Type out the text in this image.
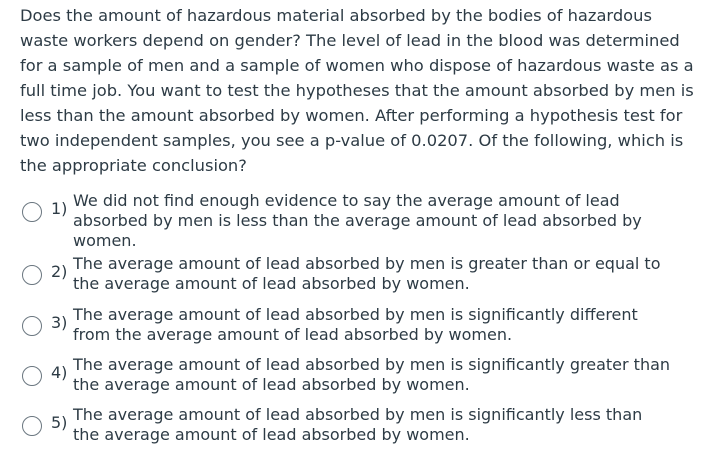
Does the amount of hazardous material absorbed by the bodies of hazardous waste workers depend on gender? The level of lead in the blood was determined for a sample of men and a sample of women who dispose of hazardous waste as a full time job. You want to test the hypotheses that the amount absorbed by men is less than the amount absorbed by women. After performing a hypothesis test for two independent samples, you see a p-value of 0.0207. Of the following, which is the appropriate conclusion?

1) We did not find enough evidence to say the average amount of lead absorbed by men is less than the average amount of lead absorbed by women.
2) The average amount of lead absorbed by men is greater than or equal to the average amount of lead absorbed by women.
3) The average amount of lead absorbed by men is significantly different from the average amount of lead absorbed by women.
4) The average amount of lead absorbed by men is significantly greater than the average amount of lead absorbed by women.
5) The average amount of lead absorbed by men is significantly less than the average amount of lead absorbed by women.
